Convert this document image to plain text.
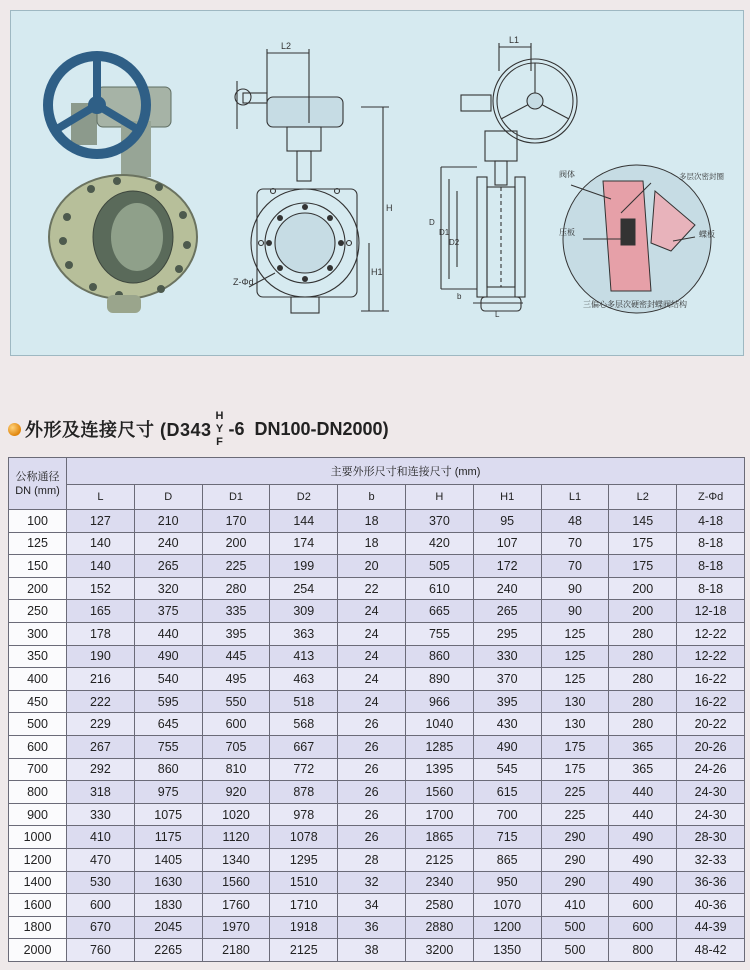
L2
H
H1
Z-Φd
L1
D
D1
D2
b
L
阀体	多层次密封圈
压板	蝶板
三偏心多层次硬密封蝶阀结构
外形及连接尺寸 (D343
H
Y
F
-6 DN100-DN2000)
公称通径
DN (mm)	主要外形尺寸和连接尺寸 (mm)									
	L	D	D1	D2	b	H	H1	L1	L2	Z-Φd
100	127	210	170	144	18	370	95	48	145	4-18
125	140	240	200	174	18	420	107	70	175	8-18
150	140	265	225	199	20	505	172	70	175	8-18
200	152	320	280	254	22	610	240	90	200	8-18
250	165	375	335	309	24	665	265	90	200	12-18
300	178	440	395	363	24	755	295	125	280	12-22
350	190	490	445	413	24	860	330	125	280	12-22
400	216	540	495	463	24	890	370	125	280	16-22
450	222	595	550	518	24	966	395	130	280	16-22
500	229	645	600	568	26	1040	430	130	280	20-22
600	267	755	705	667	26	1285	490	175	365	20-26
700	292	860	810	772	26	1395	545	175	365	24-26
800	318	975	920	878	26	1560	615	225	440	24-30
900	330	1075	1020	978	26	1700	700	225	440	24-30
1000	410	1175	1120	1078	26	1865	715	290	490	28-30
1200	470	1405	1340	1295	28	2125	865	290	490	32-33
1400	530	1630	1560	1510	32	2340	950	290	490	36-36
1600	600	1830	1760	1710	34	2580	1070	410	600	40-36
1800	670	2045	1970	1918	36	2880	1200	500	600	44-39
2000	760	2265	2180	2125	38	3200	1350	500	800	48-42
